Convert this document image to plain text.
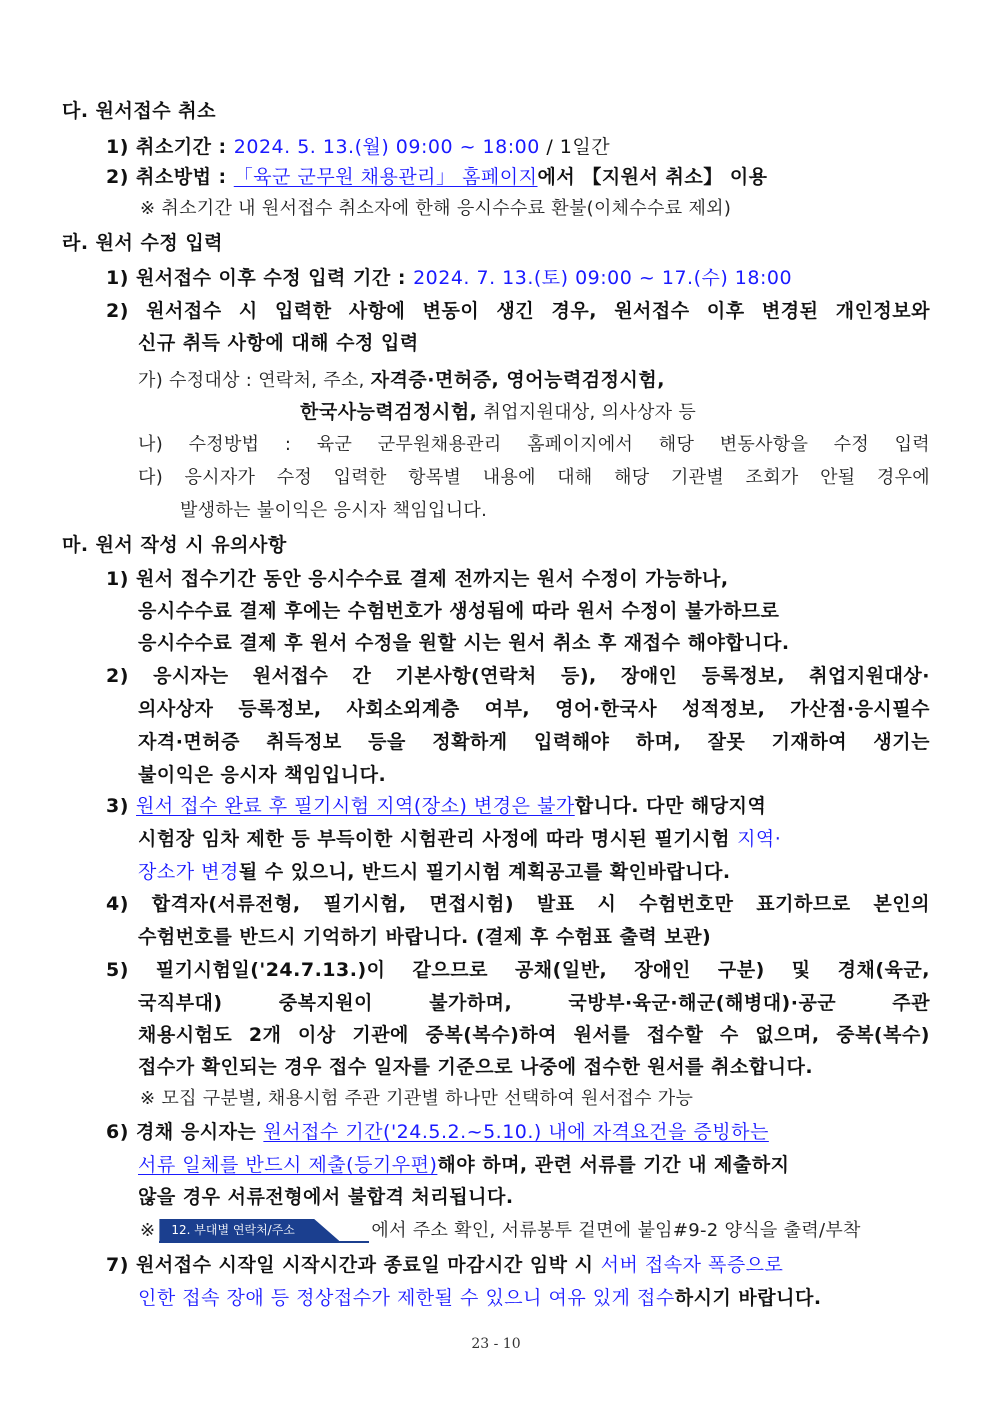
다. 원서접수 취소
1) 취소기간 : 2024. 5. 13.(월) 09:00 ~ 18:00 / 1일간
2) 취소방법 : 「육군 군무원 채용관리」 홈페이지에서 【지원서 취소】 이용
※ 취소기간 내 원서접수 취소자에 한해 응시수수료 환불(이체수수료 제외)
라. 원서 수정 입력
1) 원서접수 이후 수정 입력 기간 : 2024. 7. 13.(토) 09:00 ~ 17.(수) 18:00
2) 원서접수 시 입력한 사항에 변동이 생긴 경우, 원서접수 이후 변경된 개인정보와
신규 취득 사항에 대해 수정 입력
가) 수정대상 : 연락처, 주소, 자격증·면허증, 영어능력검정시험,
한국사능력검정시험, 취업지원대상, 의사상자 등
나) 수정방법 : 육군 군무원채용관리 홈페이지에서 해당 변동사항을 수정 입력
다) 응시자가 수정 입력한 항목별 내용에 대해 해당 기관별 조회가 안될 경우에
발생하는 불이익은 응시자 책임입니다.
마. 원서 작성 시 유의사항
1) 원서 접수기간 동안 응시수수료 결제 전까지는 원서 수정이 가능하나,
응시수수료 결제 후에는 수험번호가 생성됨에 따라 원서 수정이 불가하므로
응시수수료 결제 후 원서 수정을 원할 시는 원서 취소 후 재접수 해야합니다.
2) 응시자는 원서접수 간 기본사항(연락처 등), 장애인 등록정보, 취업지원대상·
의사상자 등록정보, 사회소외계층 여부, 영어·한국사 성적정보, 가산점·응시필수
자격·면허증 취득정보 등을 정확하게 입력해야 하며, 잘못 기재하여 생기는
불이익은 응시자 책임입니다.
3) 원서 접수 완료 후 필기시험 지역(장소) 변경은 불가합니다. 다만 해당지역
시험장 임차 제한 등 부득이한 시험관리 사정에 따라 명시된 필기시험 지역·
장소가 변경될 수 있으니, 반드시 필기시험 계획공고를 확인바랍니다.
4) 합격자(서류전형, 필기시험, 면접시험) 발표 시 수험번호만 표기하므로 본인의
수험번호를 반드시 기억하기 바랍니다. (결제 후 수험표 출력 보관)
5) 필기시험일('24.7.13.)이 같으므로 공채(일반, 장애인 구분) 및 경채(육군,
국직부대) 중복지원이 불가하며, 국방부·육군·해군(해병대)·공군 주관
채용시험도 2개 이상 기관에 중복(복수)하여 원서를 접수할 수 없으며, 중복(복수)
접수가 확인되는 경우 접수 일자를 기준으로 나중에 접수한 원서를 취소합니다.
※ 모집 구분별, 채용시험 주관 기관별 하나만 선택하여 원서접수 가능
6) 경채 응시자는 원서접수 기간('24.5.2.~5.10.) 내에 자격요건을 증빙하는
서류 일체를 반드시 제출(등기우편)해야 하며, 관련 서류를 기간 내 제출하지
않을 경우 서류전형에서 불합격 처리됩니다.
※ 12. 부대별 연락처/주소	에서 주소 확인, 서류봉투 겉면에 붙임#9-2 양식을 출력/부착
7) 원서접수 시작일 시작시간과 종료일 마감시간 임박 시 서버 접속자 폭증으로
인한 접속 장애 등 정상접수가 제한될 수 있으니 여유 있게 접수하시기 바랍니다.
23 - 10
